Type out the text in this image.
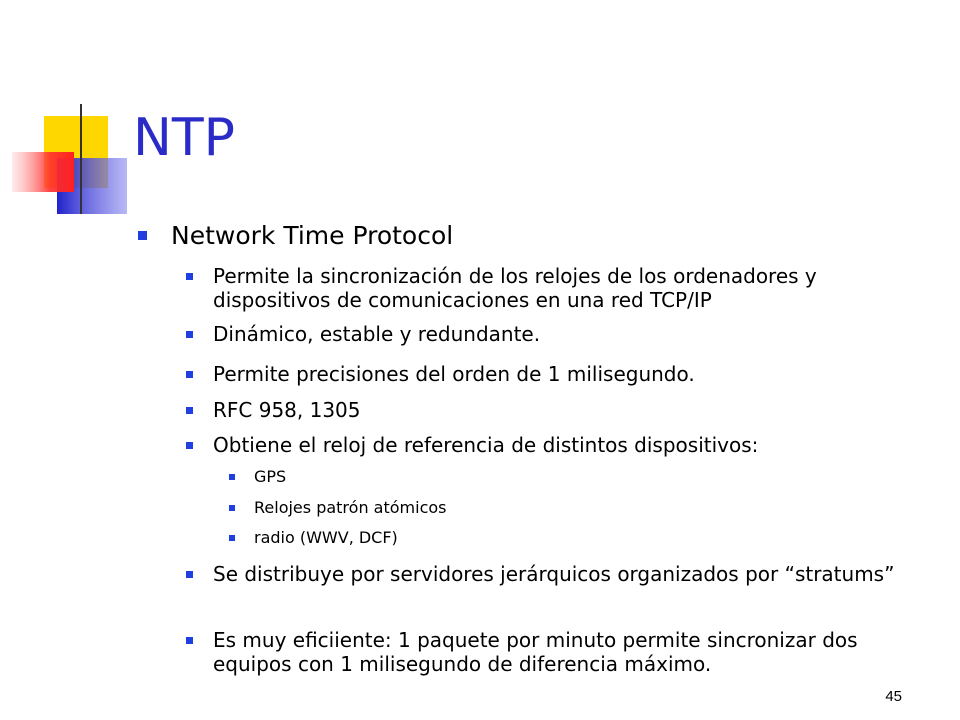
NTP
Network Time Protocol
Permite la sincronización de los relojes de los ordenadores y dispositivos de comunicaciones en una red TCP/IP
Dinámico, estable y redundante.
Permite precisiones del orden de 1 milisegundo.
RFC 958, 1305
Obtiene el reloj de referencia de distintos dispositivos:
GPS
Relojes patrón atómicos
radio (WWV, DCF)
Se distribuye por servidores jerárquicos organizados por “stratums”
Es muy eficiiente: 1 paquete por minuto permite sincronizar dos equipos con 1 milisegundo de diferencia máximo.
45
